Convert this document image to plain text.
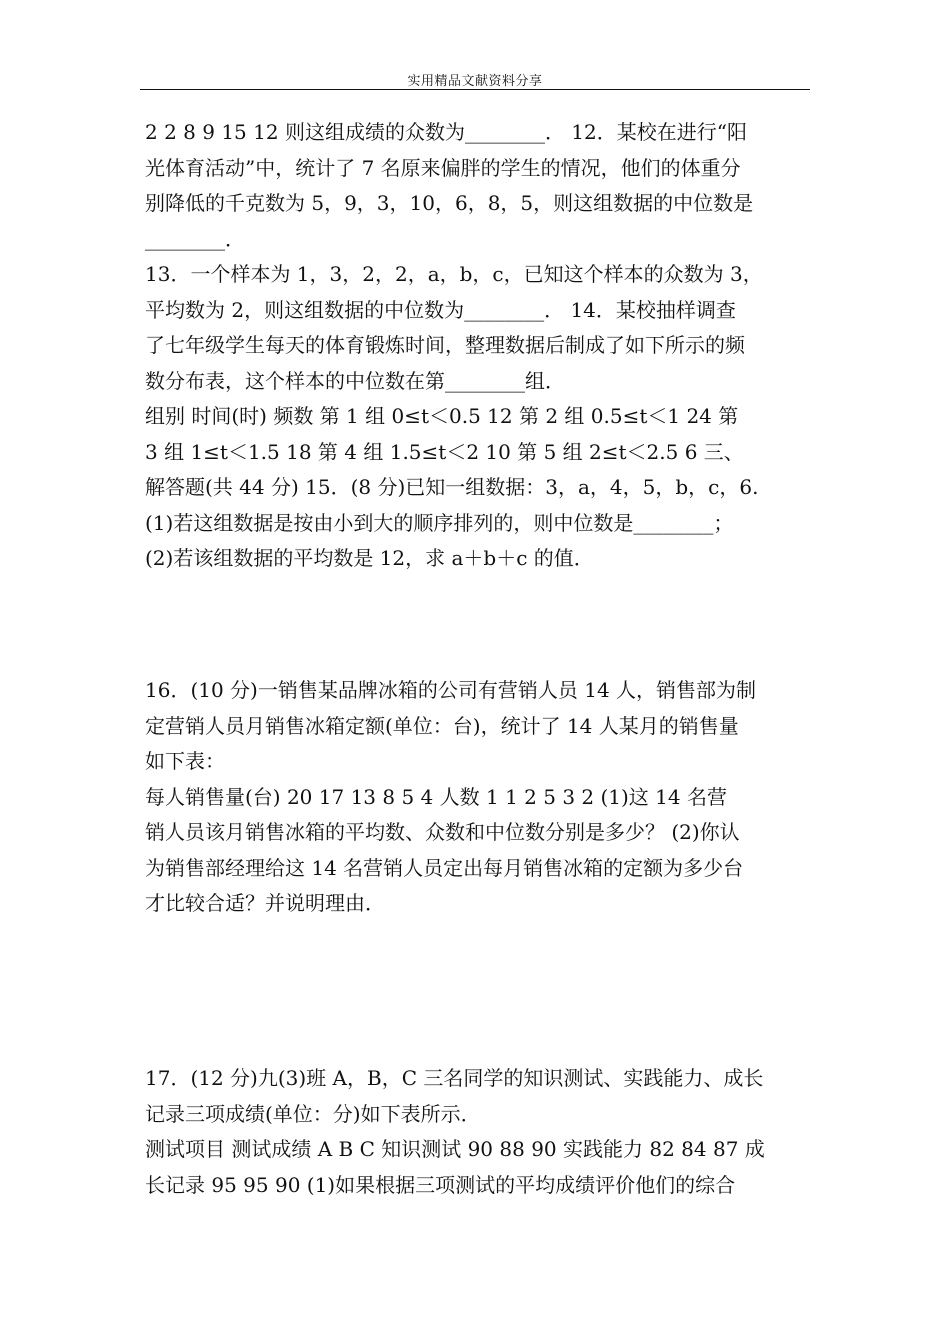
实用精品文献资料分享
2 2 8 9 15 12 则这组成绩的众数为________． 12．某校在进行“阳
光体育活动”中，统计了 7 名原来偏胖的学生的情况，他们的体重分
别降低的千克数为 5，9，3，10，6，8，5，则这组数据的中位数是
________．
13．一个样本为 1，3，2，2，a，b，c，已知这个样本的众数为 3，
平均数为 2，则这组数据的中位数为________． 14．某校抽样调查
了七年级学生每天的体育锻炼时间，整理数据后制成了如下所示的频
数分布表，这个样本的中位数在第________组．
组别 时间(时) 频数 第 1 组 0≤t＜0.5 12 第 2 组 0.5≤t＜1 24 第
3 组 1≤t＜1.5 18 第 4 组 1.5≤t＜2 10 第 5 组 2≤t＜2.5 6 三、
解答题(共 44 分) 15．(8 分)已知一组数据：3，a，4，5，b，c，6.
(1)若这组数据是按由小到大的顺序排列的，则中位数是________；
(2)若该组数据的平均数是 12，求 a＋b＋c 的值．
16．(10 分)一销售某品牌冰箱的公司有营销人员 14 人，销售部为制
定营销人员月销售冰箱定额(单位：台)，统计了 14 人某月的销售量
如下表：
每人销售量(台) 20 17 13 8 5 4 人数 1 1 2 5 3 2 (1)这 14 名营
销人员该月销售冰箱的平均数、众数和中位数分别是多少？ (2)你认
为销售部经理给这 14 名营销人员定出每月销售冰箱的定额为多少台
才比较合适？并说明理由．
17．(12 分)九(3)班 A，B，C 三名同学的知识测试、实践能力、成长
记录三项成绩(单位：分)如下表所示．
测试项目 测试成绩 A B C 知识测试 90 88 90 实践能力 82 84 87 成
长记录 95 95 90 (1)如果根据三项测试的平均成绩评价他们的综合
